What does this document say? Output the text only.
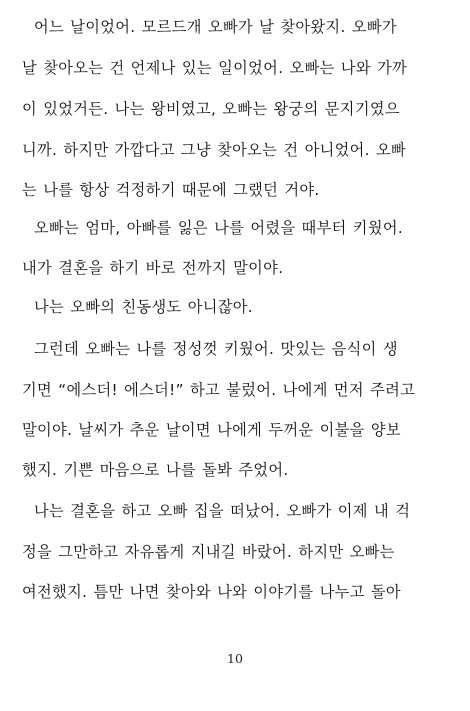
어느 날이었어. 모르드개 오빠가 날 찾아왔지. 오빠가
날 찾아오는 건 언제나 있는 일이었어. 오빠는 나와 가까
이 있었거든. 나는 왕비였고, 오빠는 왕궁의 문지기였으
니까. 하지만 가깝다고 그냥 찾아오는 건 아니었어. 오빠
는 나를 항상 걱정하기 때문에 그랬던 거야.
오빠는 엄마, 아빠를 잃은 나를 어렸을 때부터 키웠어.
내가 결혼을 하기 바로 전까지 말이야.
나는 오빠의 친동생도 아니잖아.
그런데 오빠는 나를 정성껏 키웠어. 맛있는 음식이 생
기면 “에스더! 에스더!” 하고 불렀어. 나에게 먼저 주려고
말이야. 날씨가 추운 날이면 나에게 두꺼운 이불을 양보
했지. 기쁜 마음으로 나를 돌봐 주었어.
나는 결혼을 하고 오빠 집을 떠났어. 오빠가 이제 내 걱
정을 그만하고 자유롭게 지내길 바랐어. 하지만 오빠는
여전했지. 틈만 나면 찾아와 나와 이야기를 나누고 돌아
10
